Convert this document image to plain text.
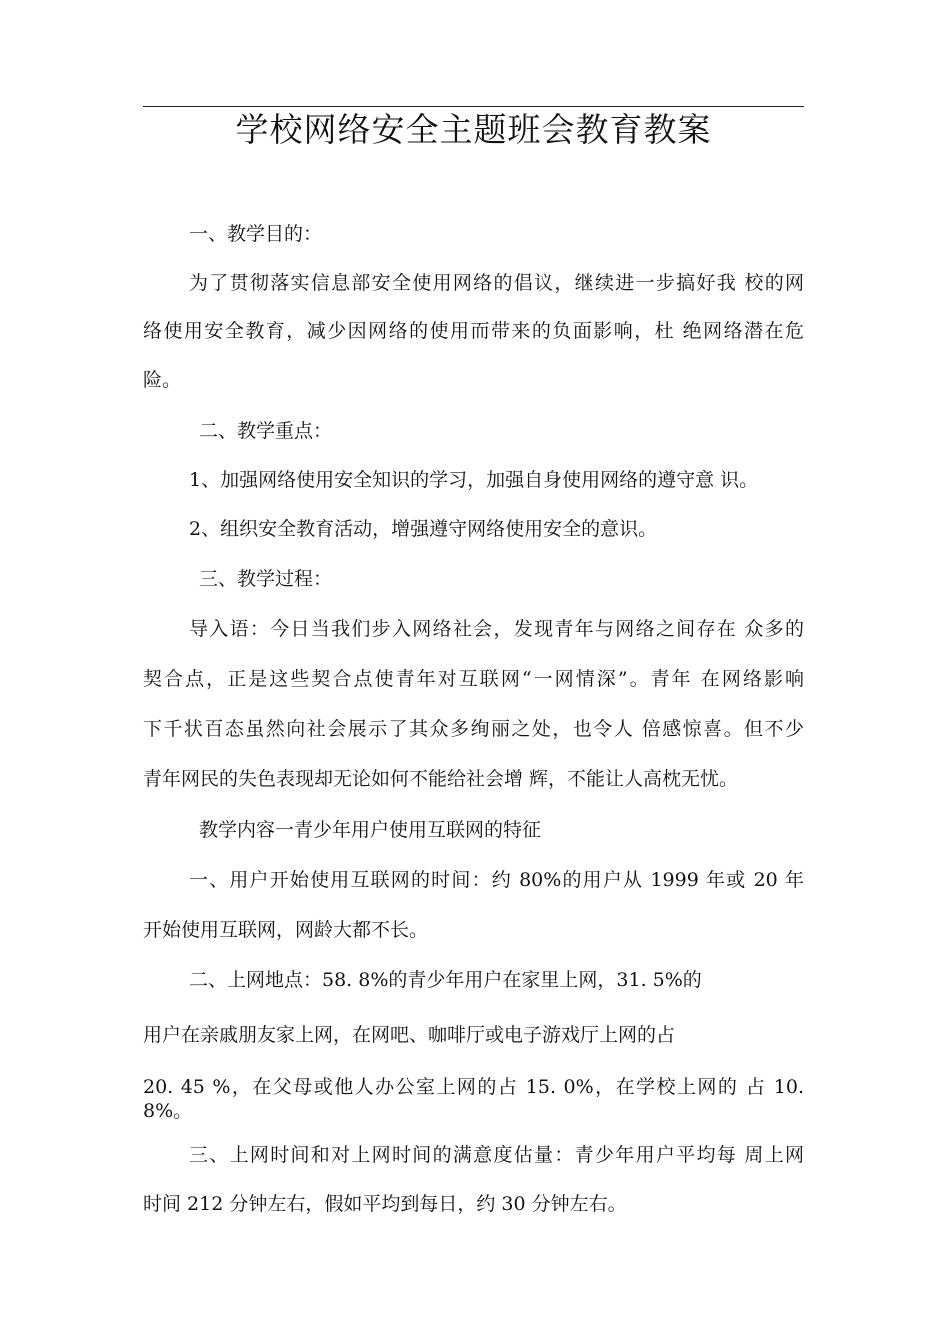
学校网络安全主题班会教育教案
一、教学目的：
为了贯彻落实信息部安全使用网络的倡议，继续进一步搞好我 校的网
络使用安全教育，减少因网络的使用而带来的负面影响，杜 绝网络潜在危
险。
二、教学重点：
1、加强网络使用安全知识的学习，加强自身使用网络的遵守意 识。
2、组织安全教育活动，增强遵守网络使用安全的意识。
三、教学过程：
导入语：今日当我们步入网络社会，发现青年与网络之间存在 众多的
契合点，正是这些契合点使青年对互联网“一网情深”。青年 在网络影响
下千状百态虽然向社会展示了其众多绚丽之处，也令人 倍感惊喜。但不少
青年网民的失色表现却无论如何不能给社会增 辉，不能让人高枕无忧。
教学内容一青少年用户使用互联网的特征
一、用户开始使用互联网的时间：约 80%的用户从 1999 年或 20 年
开始使用互联网，网龄大都不长。
二、上网地点：58. 8%的青少年用户在家里上网，31. 5%的
用户在亲戚朋友家上网，在网吧、咖啡厅或电子游戏厅上网的占
20. 45 %，在父母或他人办公室上网的占 15. 0%，在学校上网的 占 10.
8%。
三、上网时间和对上网时间的满意度估量：青少年用户平均每 周上网
时间 212 分钟左右，假如平均到每日，约 30 分钟左右。
